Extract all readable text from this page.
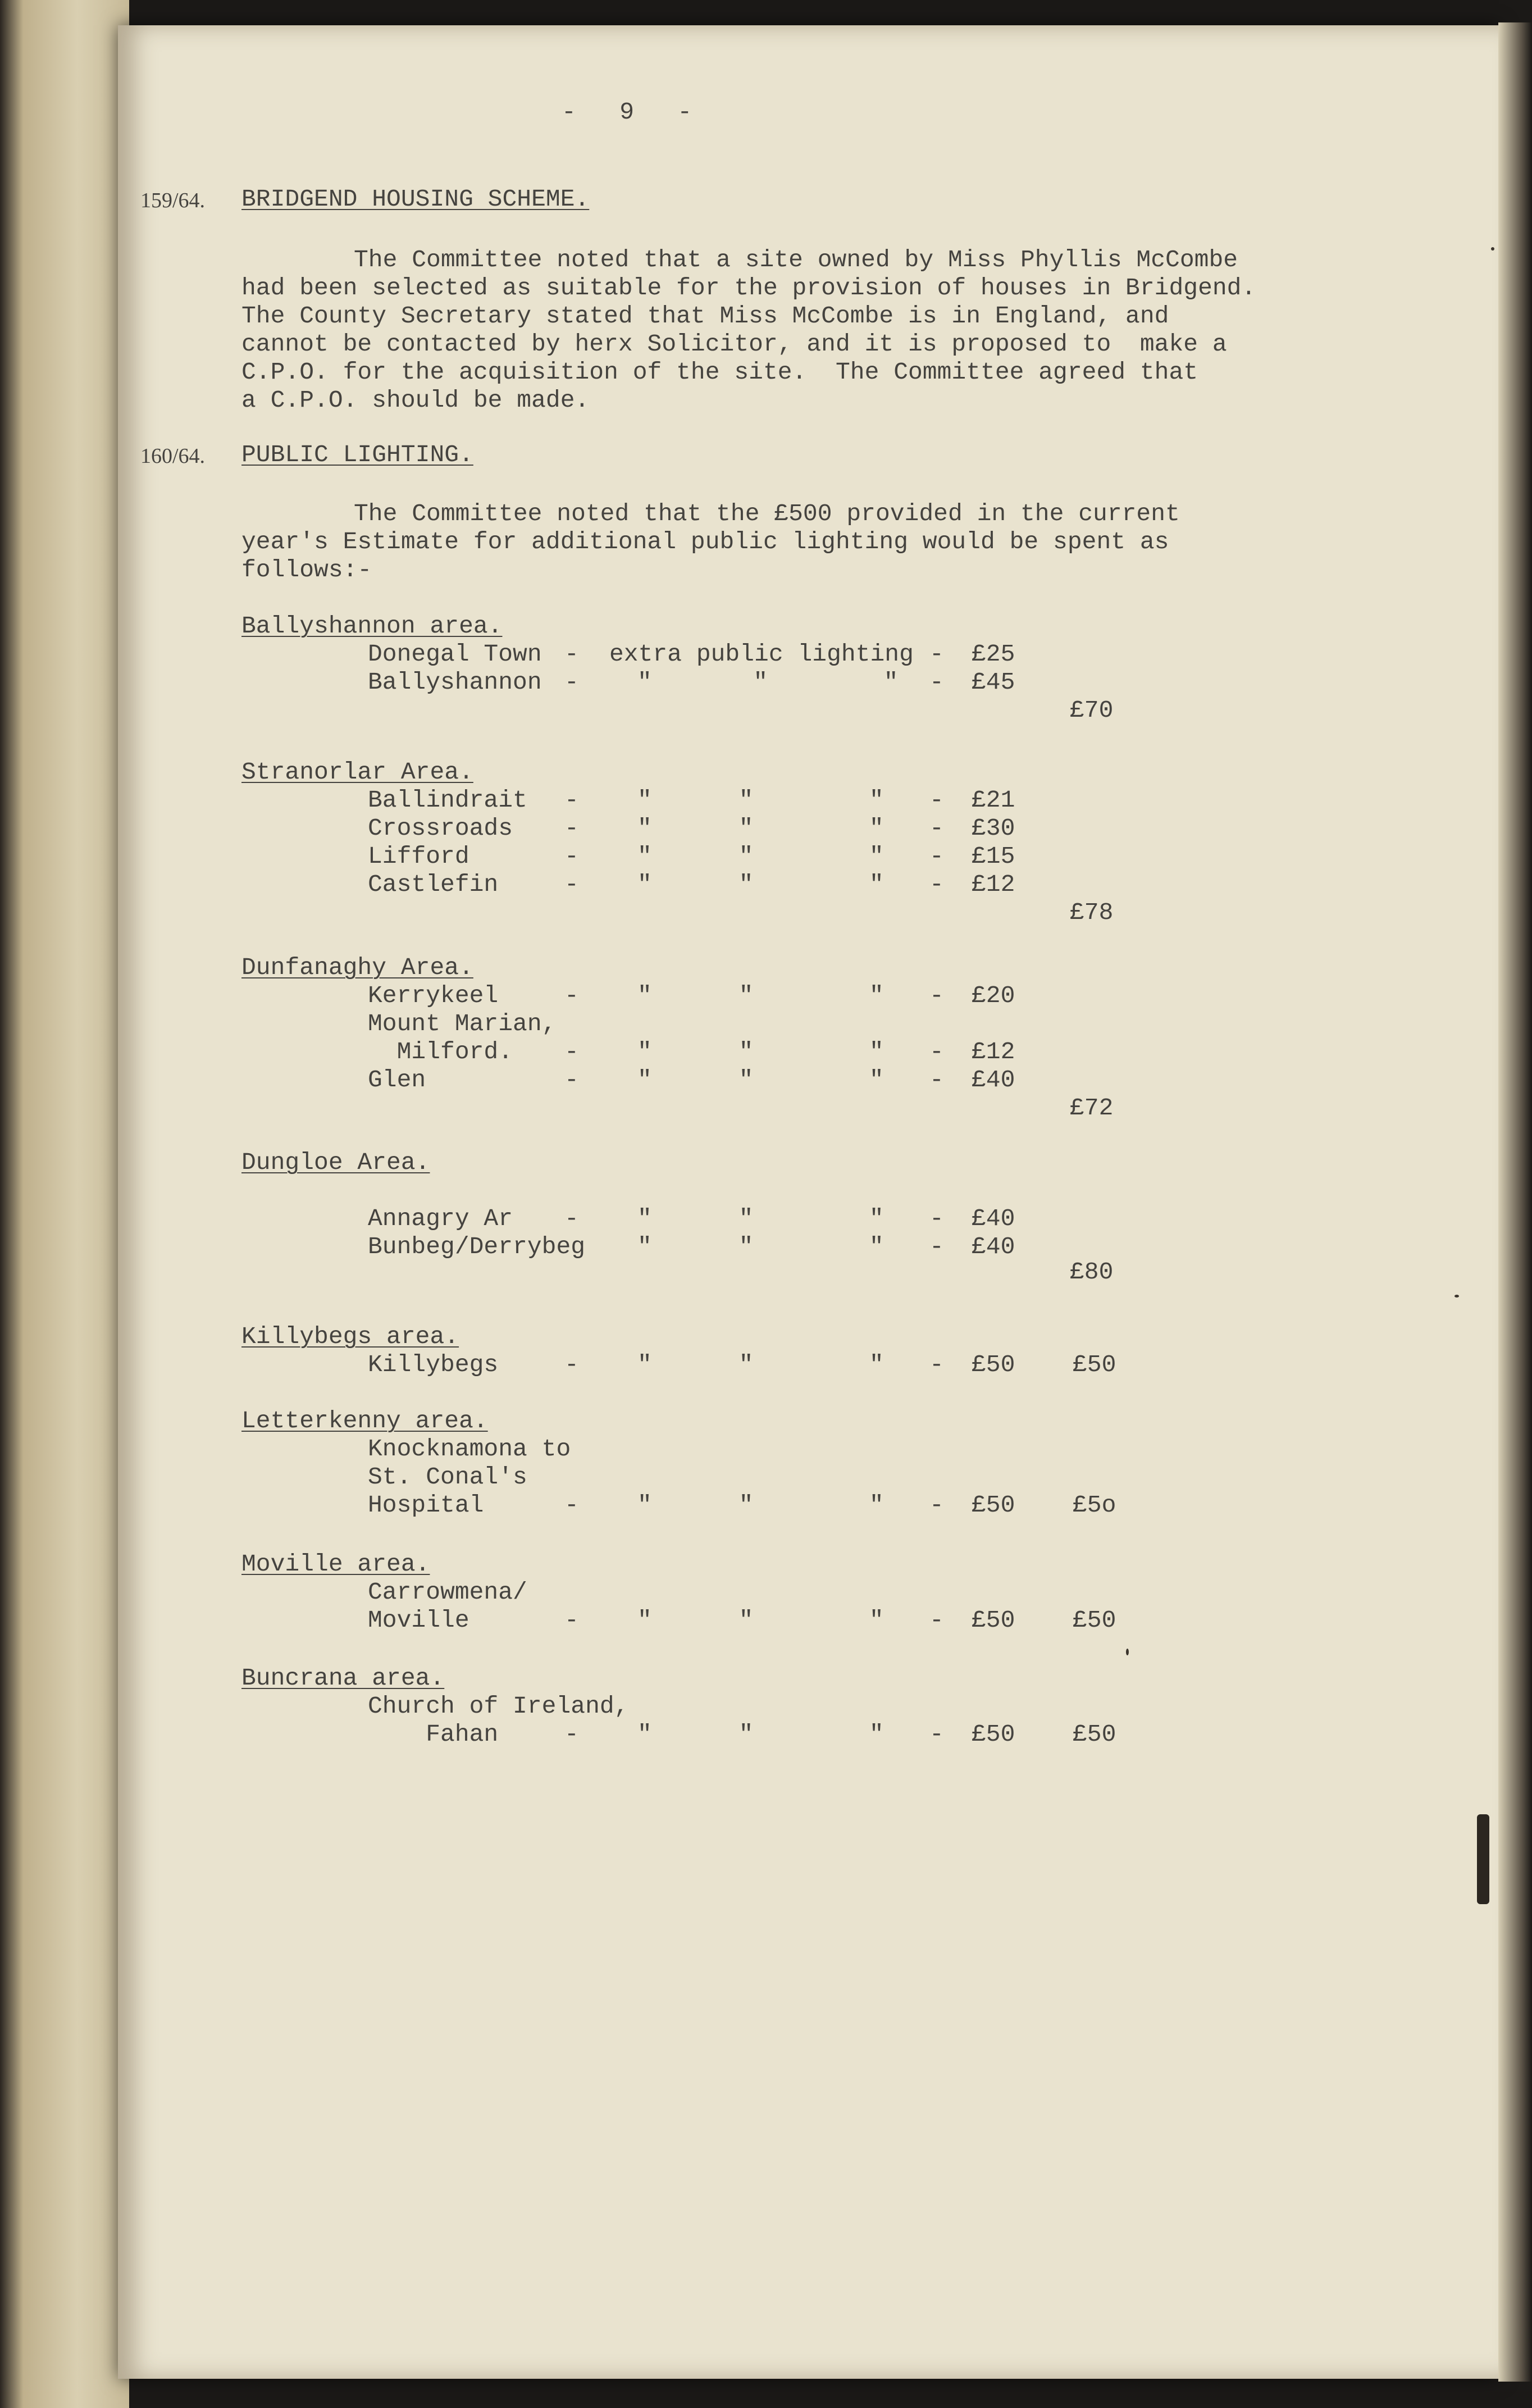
-   9   -
159/64. BRIDGEND HOUSING SCHEME.
The Committee noted that a site owned by Miss Phyllis McCombe
had been selected as suitable for the provision of houses in Bridgend.
The County Secretary stated that Miss McCombe is in England, and
cannot be contacted by herx Solicitor, and it is proposed to  make a
C.P.O. for the acquisition of the site.  The Committee agreed that
a C.P.O. should be made.
160/64. PUBLIC LIGHTING.
The Committee noted that the £500 provided in the current
year's Estimate for additional public lighting would be spent as
follows:-
Ballyshannon area.
Donegal Town - extra public lighting - £25
Ballyshannon - "       "        " - £45
£70
Stranorlar Area.
Ballindrait - "      "        " - £21
Crossroads - "      "        " - £30
Lifford	- "      "        " - £15
Castlefin	- "      "        " - £12
£78
Dunfanaghy Area.
Kerrykeel	- "      "        " - £20
Mount Marian,
Milford. - "      "        " - £12
Glen	- "      "        " - £40
£72
Dungloe Area.
Annagry Ar - "      "        " - £40
Bunbeg/Derrybeg "      "        " - £40
£80
Killybegs area.
Killybegs	- "      "        " - £50 £50
Letterkenny area.
Knocknamona to
St. Conal's
Hospital	- "      "        " - £50 £5o
Moville area.
Carrowmena/
Moville	- "      "        " - £50 £50
Buncrana area.
Church of Ireland,
Fahan	- "      "        " - £50 £50
